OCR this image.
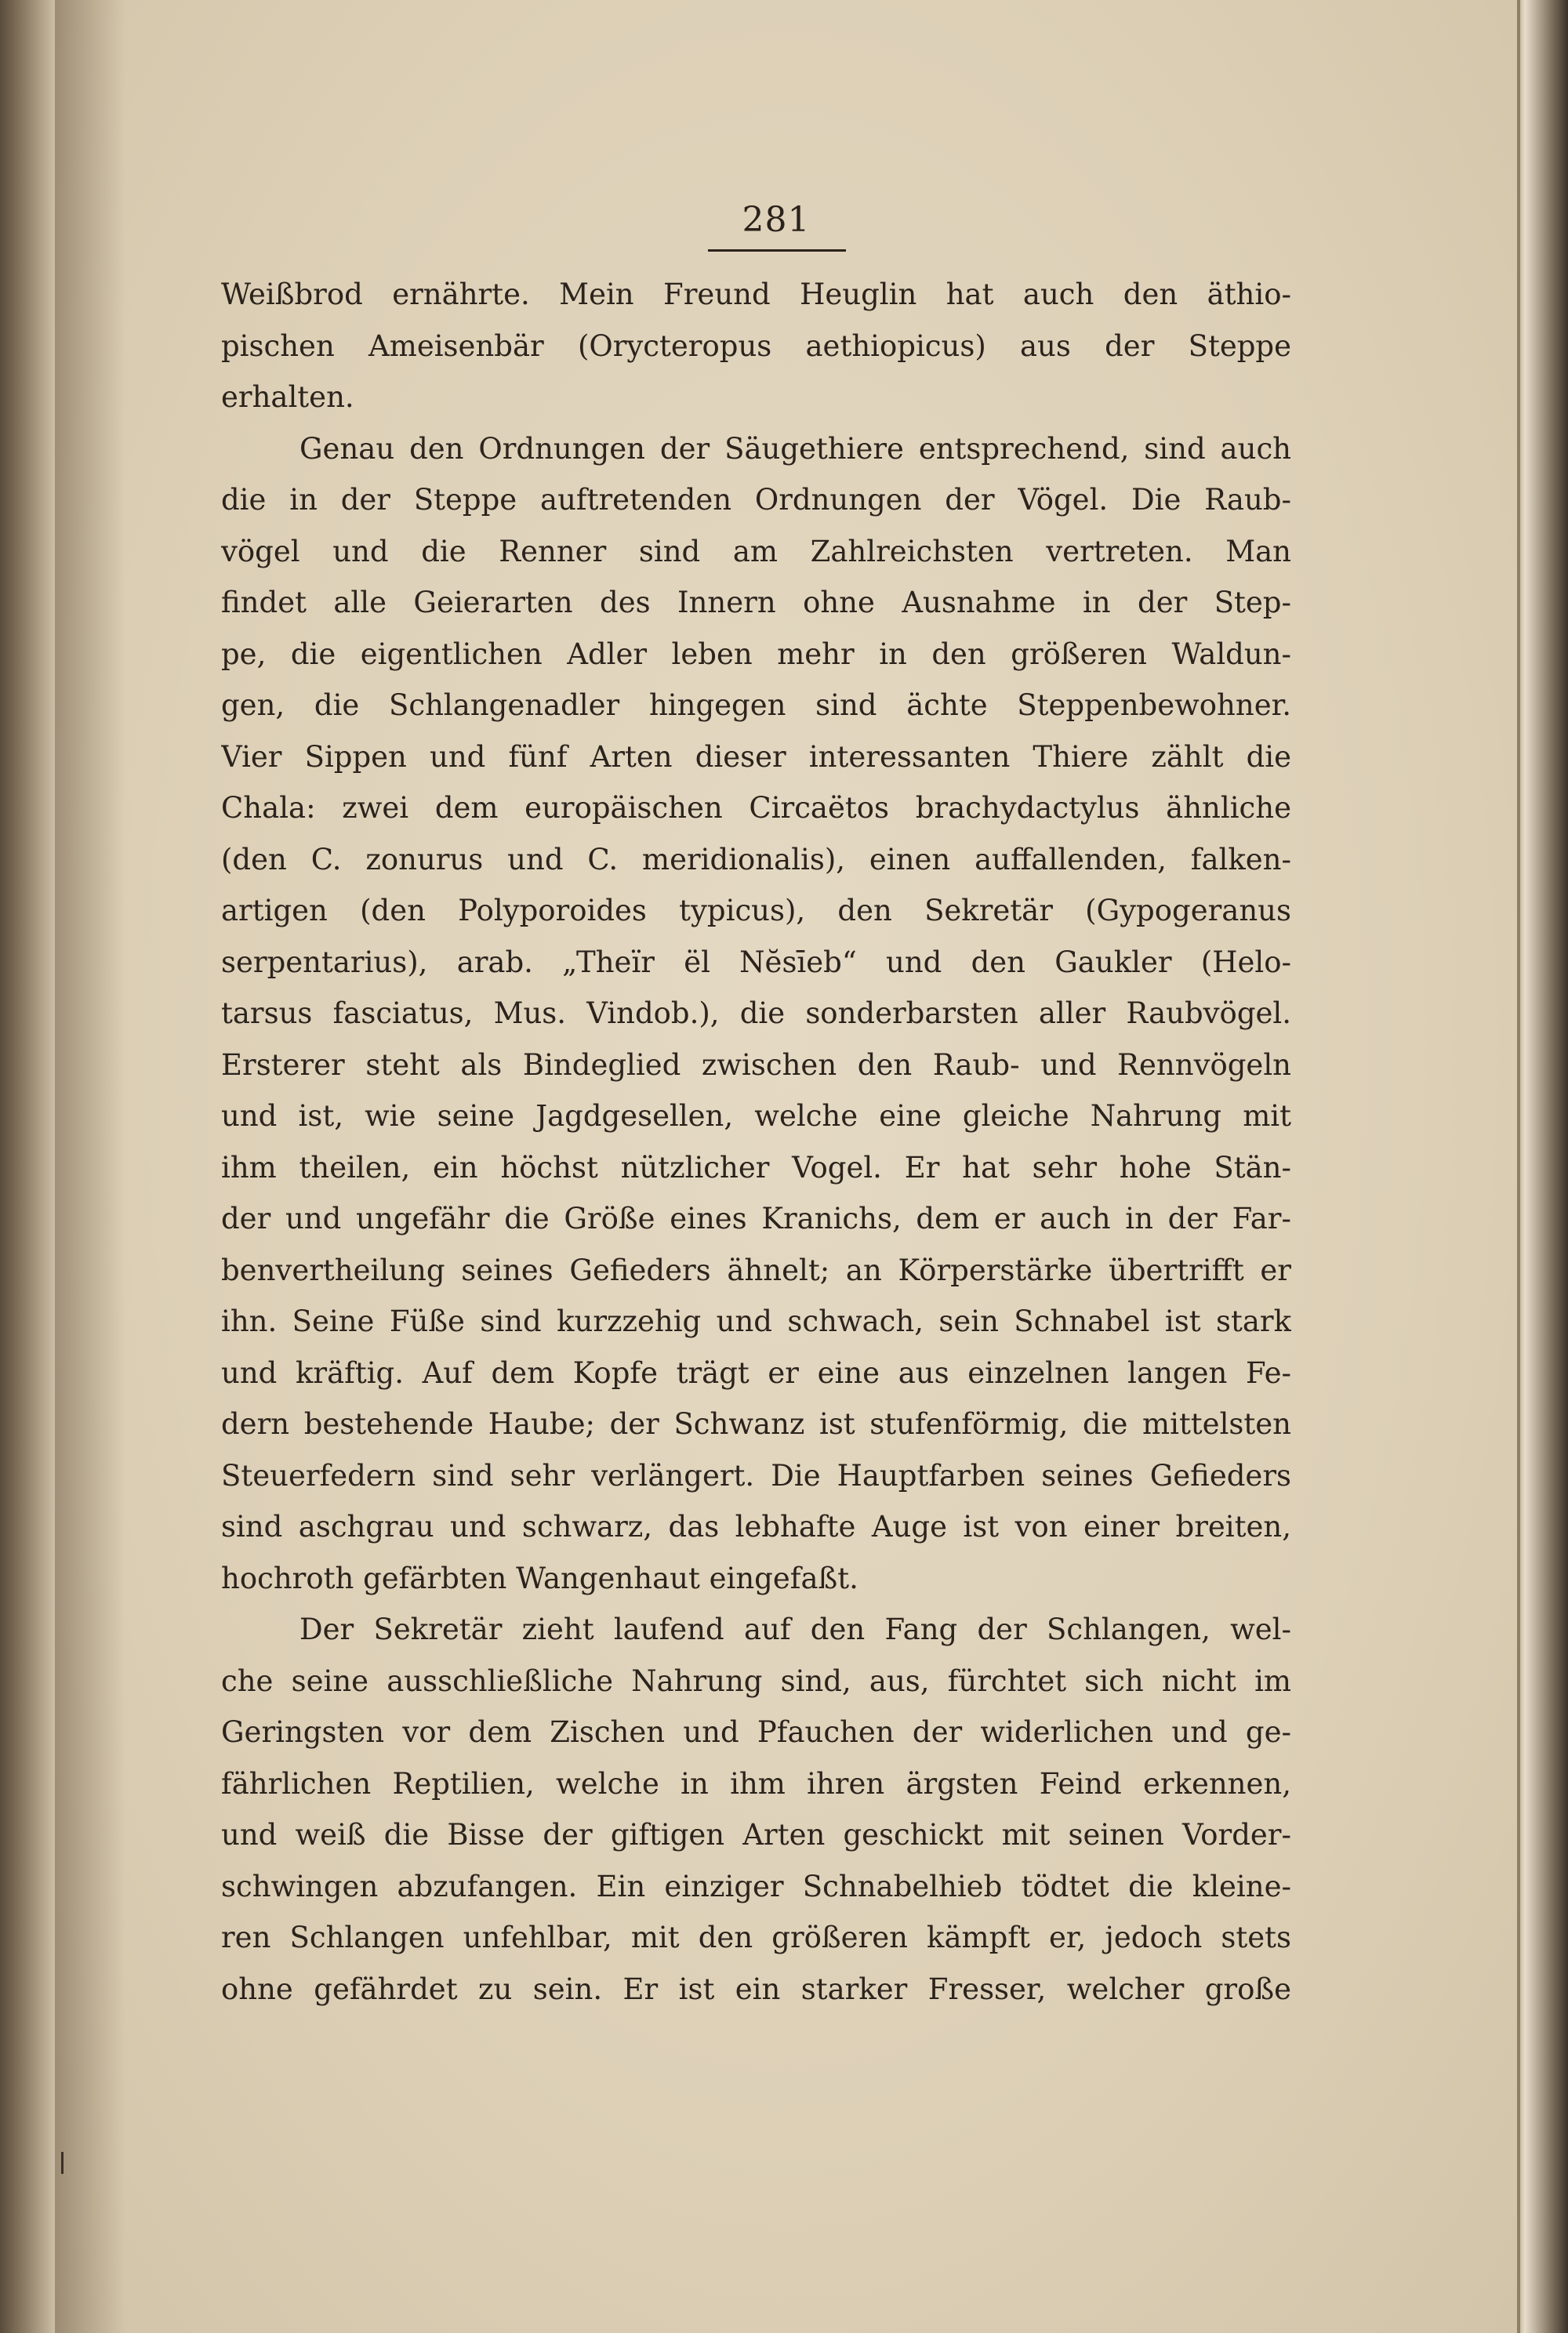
281
Weißbrod ernährte. Mein Freund Heuglin hat auch den äthio-
pischen Ameisenbär (Orycteropus aethiopicus) aus der Steppe
erhalten.
Genau den Ordnungen der Säugethiere entsprechend, sind auch
die in der Steppe auftretenden Ordnungen der Vögel. Die Raub-
vögel und die Renner sind am Zahlreichsten vertreten. Man
findet alle Geierarten des Innern ohne Ausnahme in der Step-
pe, die eigentlichen Adler leben mehr in den größeren Waldun-
gen, die Schlangenadler hingegen sind ächte Steppenbewohner.
Vier Sippen und fünf Arten dieser interessanten Thiere zählt die
Chala: zwei dem europäischen Circaëtos brachydactylus ähnliche
(den C. zonurus und C. meridionalis), einen auffallenden, falken-
artigen (den Polyporoides typicus), den Sekretär (Gypogeranus
serpentarius), arab. „Theïr ël Nĕsīeb“ und den Gaukler (Helo-
tarsus fasciatus, Mus. Vindob.), die sonderbarsten aller Raubvögel.
Ersterer steht als Bindeglied zwischen den Raub- und Rennvögeln
und ist, wie seine Jagdgesellen, welche eine gleiche Nahrung mit
ihm theilen, ein höchst nützlicher Vogel. Er hat sehr hohe Stän-
der und ungefähr die Größe eines Kranichs, dem er auch in der Far-
benvertheilung seines Gefieders ähnelt; an Körperstärke übertrifft er
ihn. Seine Füße sind kurzzehig und schwach, sein Schnabel ist stark
und kräftig. Auf dem Kopfe trägt er eine aus einzelnen langen Fe-
dern bestehende Haube; der Schwanz ist stufenförmig, die mittelsten
Steuerfedern sind sehr verlängert. Die Hauptfarben seines Gefieders
sind aschgrau und schwarz, das lebhafte Auge ist von einer breiten,
hochroth gefärbten Wangenhaut eingefaßt.
Der Sekretär zieht laufend auf den Fang der Schlangen, wel-
che seine ausschließliche Nahrung sind, aus, fürchtet sich nicht im
Geringsten vor dem Zischen und Pfauchen der widerlichen und ge-
fährlichen Reptilien, welche in ihm ihren ärgsten Feind erkennen,
und weiß die Bisse der giftigen Arten geschickt mit seinen Vorder-
schwingen abzufangen. Ein einziger Schnabelhieb tödtet die kleine-
ren Schlangen unfehlbar, mit den größeren kämpft er, jedoch stets
ohne gefährdet zu sein. Er ist ein starker Fresser, welcher große
